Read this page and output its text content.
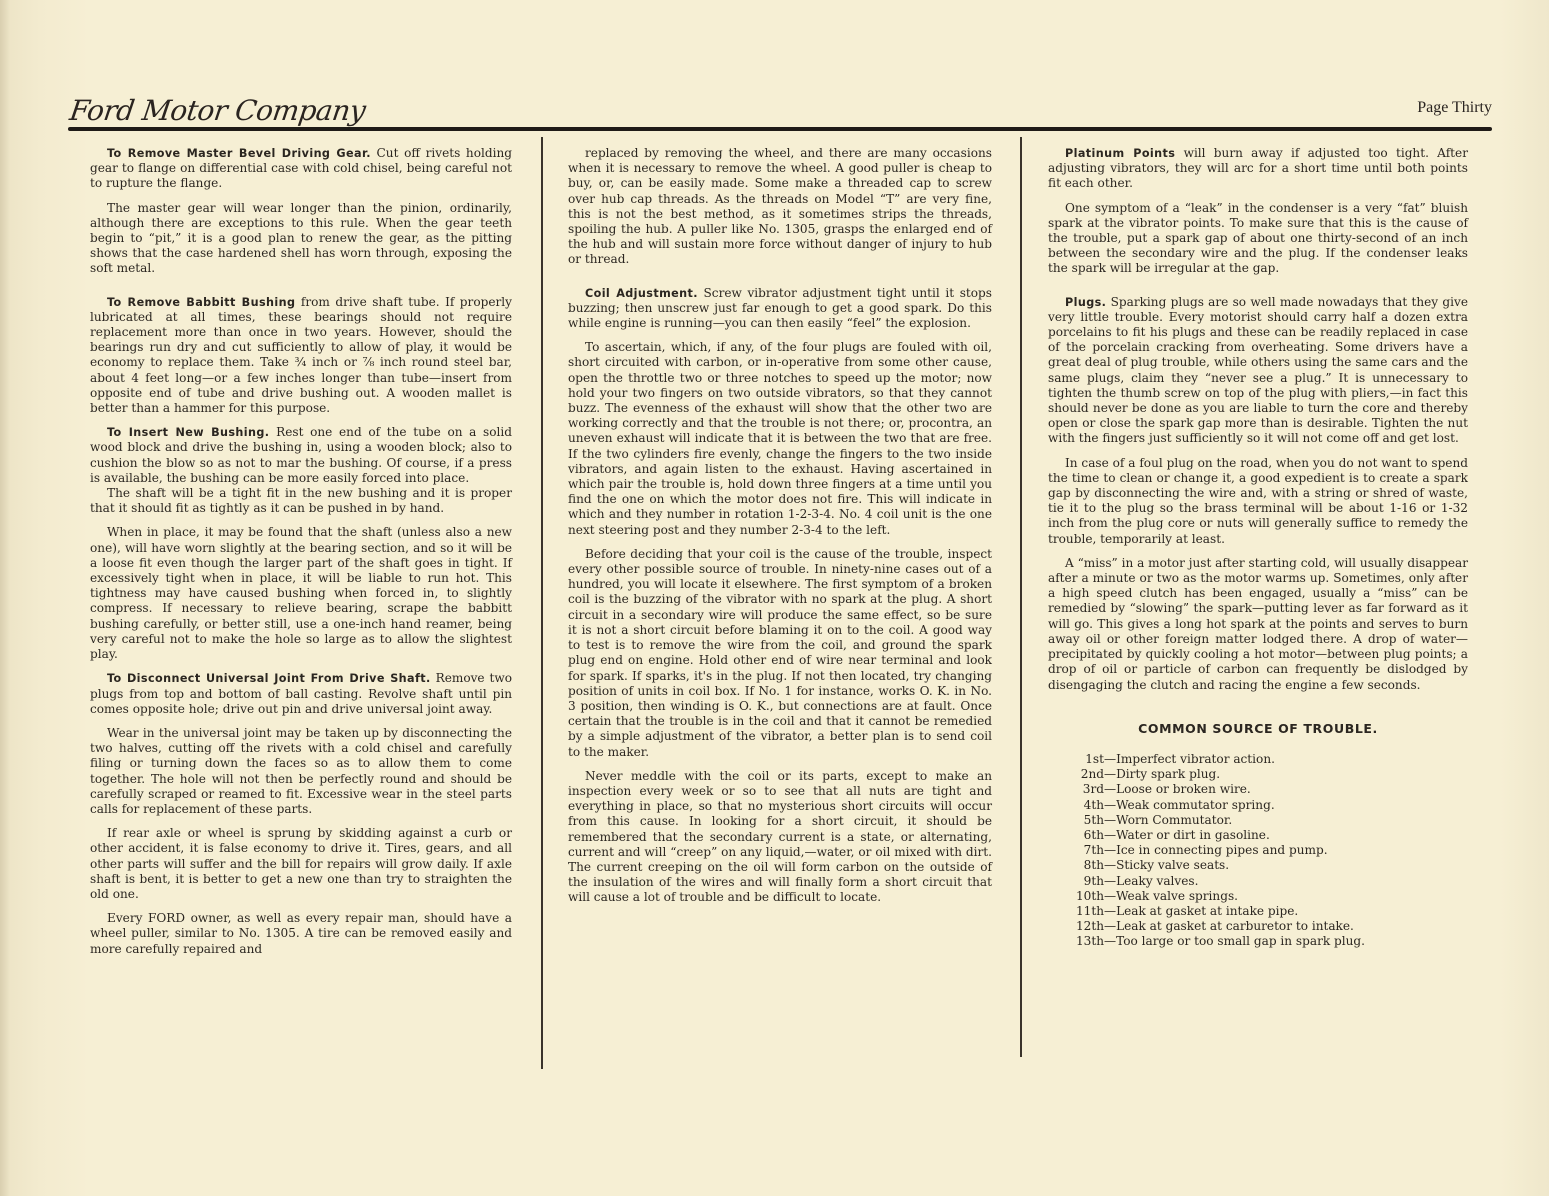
Ford Motor Company	Page Thirty

To Remove Master Bevel Driving Gear. Cut off rivets holding gear to flange on differential case with cold chisel, being careful not to rupture the flange.

The master gear will wear longer than the pinion, ordinarily, although there are exceptions to this rule. When the gear teeth begin to “pit,” it is a good plan to renew the gear, as the pitting shows that the case hardened shell has worn through, exposing the soft metal.

To Remove Babbitt Bushing from drive shaft tube. If properly lubricated at all times, these bearings should not require replacement more than once in two years. However, should the bearings run dry and cut sufficiently to allow of play, it would be economy to replace them. Take ¾ inch or ⅞ inch round steel bar, about 4 feet long—or a few inches longer than tube—insert from opposite end of tube and drive bushing out. A wooden mallet is better than a hammer for this purpose.

To Insert New Bushing. Rest one end of the tube on a solid wood block and drive the bushing in, using a wooden block; also to cushion the blow so as not to mar the bushing. Of course, if a press is available, the bushing can be more easily forced into place.

The shaft will be a tight fit in the new bushing and it is proper that it should fit as tightly as it can be pushed in by hand.

When in place, it may be found that the shaft (unless also a new one), will have worn slightly at the bearing section, and so it will be a loose fit even though the larger part of the shaft goes in tight. If excessively tight when in place, it will be liable to run hot. This tightness may have caused bushing when forced in, to slightly compress. If necessary to relieve bearing, scrape the babbitt bushing carefully, or better still, use a one-inch hand reamer, being very careful not to make the hole so large as to allow the slightest play.

To Disconnect Universal Joint From Drive Shaft. Remove two plugs from top and bottom of ball casting. Revolve shaft until pin comes opposite hole; drive out pin and drive universal joint away.

Wear in the universal joint may be taken up by disconnecting the two halves, cutting off the rivets with a cold chisel and carefully filing or turning down the faces so as to allow them to come together. The hole will not then be perfectly round and should be carefully scraped or reamed to fit. Excessive wear in the steel parts calls for replacement of these parts.

If rear axle or wheel is sprung by skidding against a curb or other accident, it is false economy to drive it. Tires, gears, and all other parts will suffer and the bill for repairs will grow daily. If axle shaft is bent, it is better to get a new one than try to straighten the old one.

Every FORD owner, as well as every repair man, should have a wheel puller, similar to No. 1305. A tire can be removed easily and more carefully repaired and

replaced by removing the wheel, and there are many occasions when it is necessary to remove the wheel. A good puller is cheap to buy, or, can be easily made. Some make a threaded cap to screw over hub cap threads. As the threads on Model “T” are very fine, this is not the best method, as it sometimes strips the threads, spoiling the hub. A puller like No. 1305, grasps the enlarged end of the hub and will sustain more force without danger of injury to hub or thread.

Coil Adjustment. Screw vibrator adjustment tight until it stops buzzing; then unscrew just far enough to get a good spark. Do this while engine is running—you can then easily “feel” the explosion.

To ascertain, which, if any, of the four plugs are fouled with oil, short circuited with carbon, or in-operative from some other cause, open the throttle two or three notches to speed up the motor; now hold your two fingers on two outside vibrators, so that they cannot buzz. The evenness of the exhaust will show that the other two are working correctly and that the trouble is not there; or, procontra, an uneven exhaust will indicate that it is between the two that are free. If the two cylinders fire evenly, change the fingers to the two inside vibrators, and again listen to the exhaust. Having ascertained in which pair the trouble is, hold down three fingers at a time until you find the one on which the motor does not fire. This will indicate in which and they number in rotation 1-2-3-4. No. 4 coil unit is the one next steering post and they number 2-3-4 to the left.

Before deciding that your coil is the cause of the trouble, inspect every other possible source of trouble. In ninety-nine cases out of a hundred, you will locate it elsewhere. The first symptom of a broken coil is the buzzing of the vibrator with no spark at the plug. A short circuit in a secondary wire will produce the same effect, so be sure it is not a short circuit before blaming it on to the coil. A good way to test is to remove the wire from the coil, and ground the spark plug end on engine. Hold other end of wire near terminal and look for spark. If sparks, it's in the plug. If not then located, try changing position of units in coil box. If No. 1 for instance, works O. K. in No. 3 position, then winding is O. K., but connections are at fault. Once certain that the trouble is in the coil and that it cannot be remedied by a simple adjustment of the vibrator, a better plan is to send coil to the maker.

Never meddle with the coil or its parts, except to make an inspection every week or so to see that all nuts are tight and everything in place, so that no mysterious short circuits will occur from this cause. In looking for a short circuit, it should be remembered that the secondary current is a state, or alternating, current and will “creep” on any liquid,—water, or oil mixed with dirt. The current creeping on the oil will form carbon on the outside of the insulation of the wires and will finally form a short circuit that will cause a lot of trouble and be difficult to locate.

Platinum Points will burn away if adjusted too tight. After adjusting vibrators, they will arc for a short time until both points fit each other.

One symptom of a “leak” in the condenser is a very “fat” bluish spark at the vibrator points. To make sure that this is the cause of the trouble, put a spark gap of about one thirty-second of an inch between the secondary wire and the plug. If the condenser leaks the spark will be irregular at the gap.

Plugs. Sparking plugs are so well made nowadays that they give very little trouble. Every motorist should carry half a dozen extra porcelains to fit his plugs and these can be readily replaced in case of the porcelain cracking from overheating. Some drivers have a great deal of plug trouble, while others using the same cars and the same plugs, claim they “never see a plug.” It is unnecessary to tighten the thumb screw on top of the plug with pliers,—in fact this should never be done as you are liable to turn the core and thereby open or close the spark gap more than is desirable. Tighten the nut with the fingers just sufficiently so it will not come off and get lost.

In case of a foul plug on the road, when you do not want to spend the time to clean or change it, a good expedient is to create a spark gap by disconnecting the wire and, with a string or shred of waste, tie it to the plug so the brass terminal will be about 1-16 or 1-32 inch from the plug core or nuts will generally suffice to remedy the trouble, temporarily at least.

A “miss” in a motor just after starting cold, will usually disappear after a minute or two as the motor warms up. Sometimes, only after a high speed clutch has been engaged, usually a “miss” can be remedied by “slowing” the spark—putting lever as far forward as it will go. This gives a long hot spark at the points and serves to burn away oil or other foreign matter lodged there. A drop of water—precipitated by quickly cooling a hot motor—between plug points; a drop of oil or particle of carbon can frequently be dislodged by disengaging the clutch and racing the engine a few seconds.

COMMON SOURCE OF TROUBLE.
1st—Imperfect vibrator action.
2nd—Dirty spark plug.
3rd—Loose or broken wire.
4th—Weak commutator spring.
5th—Worn Commutator.
6th—Water or dirt in gasoline.
7th—Ice in connecting pipes and pump.
8th—Sticky valve seats.
9th—Leaky valves.
10th—Weak valve springs.
11th—Leak at gasket at intake pipe.
12th—Leak at gasket at carburetor to intake.
13th—Too large or too small gap in spark plug.
